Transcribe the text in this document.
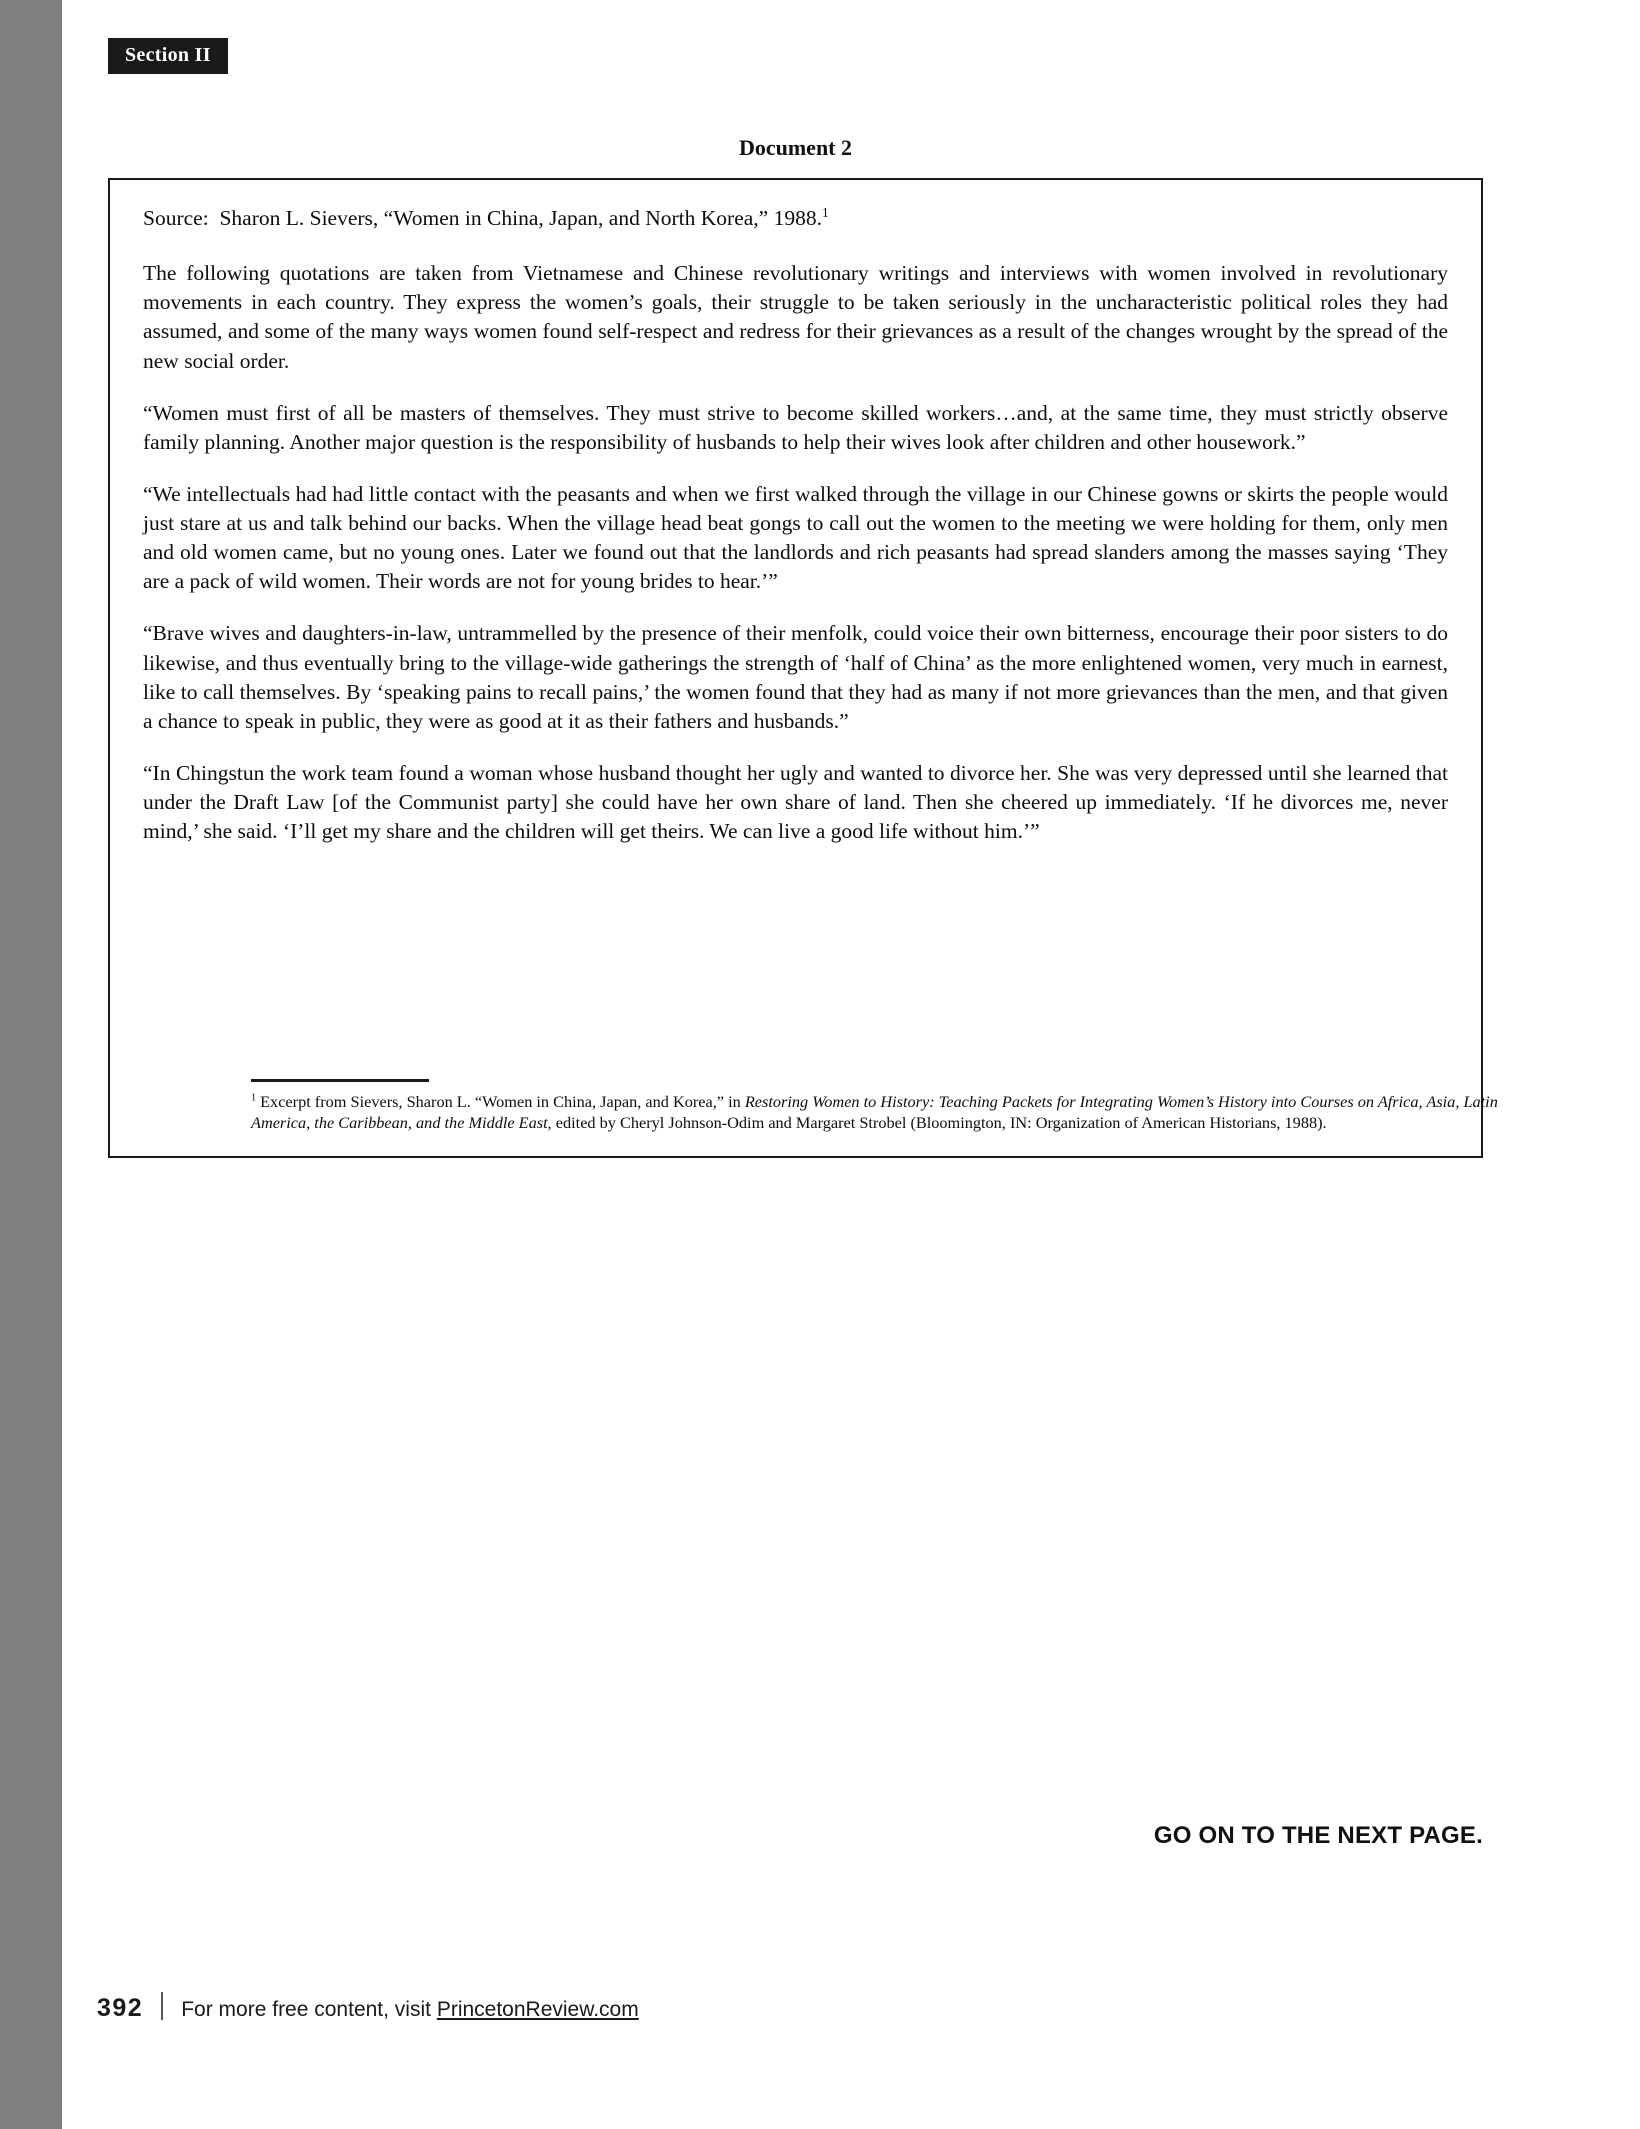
Section II
Document 2

Source: Sharon L. Sievers, “Women in China, Japan, and North Korea,” 1988.$^1$

The following quotations are taken from Vietnamese and Chinese revolutionary writings and interviews with women involved in revolutionary movements in each country. They express the women’s goals, their struggle to be taken seriously in the uncharacteristic political roles they had assumed, and some of the many ways women found self-respect and redress for their grievances as a result of the changes wrought by the spread of the new social order.

“Women must first of all be masters of themselves. They must strive to become skilled workers…and, at the same time, they must strictly observe family planning. Another major question is the responsibility of husbands to help their wives look after children and other housework.”

“We intellectuals had had little contact with the peasants and when we first walked through the village in our Chinese gowns or skirts the people would just stare at us and talk behind our backs. When the village head beat gongs to call out the women to the meeting we were holding for them, only men and old women came, but no young ones. Later we found out that the landlords and rich peasants had spread slanders among the masses saying ‘They are a pack of wild women. Their words are not for young brides to hear.’”

“Brave wives and daughters-in-law, untrammelled by the presence of their menfolk, could voice their own bitterness, encourage their poor sisters to do likewise, and thus eventually bring to the village-wide gatherings the strength of ‘half of China’ as the more enlightened women, very much in earnest, like to call themselves. By ‘speaking pains to recall pains,’ the women found that they had as many if not more grievances than the men, and that given a chance to speak in public, they were as good at it as their fathers and husbands.”

“In Chingstun the work team found a woman whose husband thought her ugly and wanted to divorce her. She was very depressed until she learned that under the Draft Law [of the Communist party] she could have her own share of land. Then she cheered up immediately. ‘If he divorces me, never mind,’ she said. ‘I’ll get my share and the children will get theirs. We can live a good life without him.’”

$^1$ Excerpt from Sievers, Sharon L. “Women in China, Japan, and Korea,” in Restoring Women to History: Teaching Packets for Integrating Women’s History into Courses on Africa, Asia, Latin America, the Caribbean, and the Middle East, edited by Cheryl Johnson-Odim and Margaret Strobel (Bloomington, IN: Organization of American Historians, 1988).
GO ON TO THE NEXT PAGE.
392 For more free content, visit PrincetonReview.com
